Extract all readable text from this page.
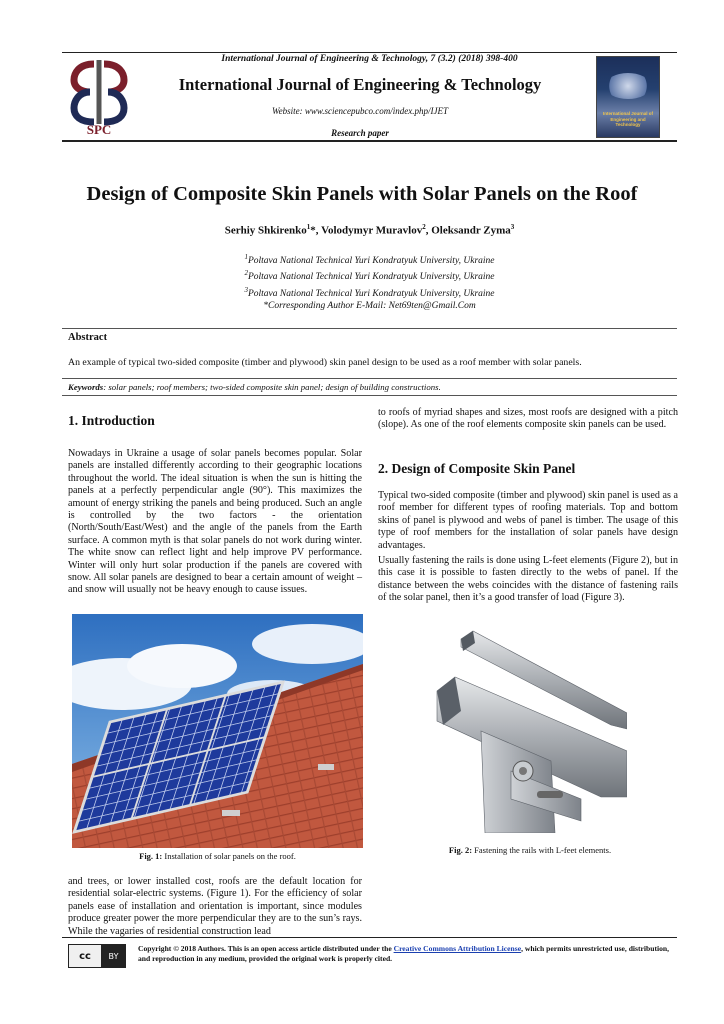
International Journal of Engineering & Technology, 7 (3.2) (2018) 398-400
SPC
International Journal of Engineering & Technology
Website: www.sciencepubco.com/index.php/IJET
Research paper
International Journal of Engineering and Technology
Design of Composite Skin Panels with Solar Panels on the Roof
Serhiy Shkirenko$^1$*, Volodymyr Muravlov$^2$, Oleksandr Zyma$^3$
$^1$Poltava National Technical Yuri Kondratyuk University, Ukraine
$^2$Poltava National Technical Yuri Kondratyuk University, Ukraine
$^3$Poltava National Technical Yuri Kondratyuk University, Ukraine
*Corresponding Author E-Mail: Net69ten@Gmail.Com
Abstract
An example of typical two-sided composite (timber and plywood) skin panel design to be used as a roof member with solar panels.
Keywords: solar panels; roof members; two-sided composite skin panel; design of building constructions.
1. Introduction
Nowadays in Ukraine a usage of solar panels becomes popular. Solar panels are installed differently according to their geographic locations throughout the world. The ideal situation is when the sun is hitting the panels at a perfectly perpendicular angle (90°). This maximizes the amount of energy striking the panels and being produced. Such an angle is controlled by the two factors - the orientation (North/South/East/West) and the angle of the panels from the Earth surface. A common myth is that solar panels do not work during winter. The white snow can reflect light and help improve PV performance. Winter will only hurt solar production if the panels are covered with snow. All solar panels are designed to bear a certain amount of weight – and snow will usually not be heavy enough to cause issues.
Fig. 1: Installation of solar panels on the roof.
and trees, or lower installed cost, roofs are the default location for residential solar-electric systems. (Figure 1). For the efficiency of solar panels ease of installation and orientation is important, since modules produce greater power the more perpendicular they are to the sun’s rays. While the vagaries of residential construction lead
to roofs of myriad shapes and sizes, most roofs are designed with a pitch (slope). As one of the roof elements composite skin panels can be used.
2. Design of Composite Skin Panel
Typical two-sided composite (timber and plywood) skin panel is used as a roof member for different types of roofing materials. Top and bottom skins of panel is plywood and webs of panel is timber. The usage of this type of roof members for the installation of solar panels have design advantages.
Usually fastening the rails is done using L-feet elements (Figure 2), but in this case it is possible to fasten directly to the webs of panel. If the distance between the webs coincides with the distance of fastening rails of the solar panel, then it’s a good transfer of load (Figure 3).
Fig. 2: Fastening the rails with L-feet elements.
cc	BY
Copyright © 2018 Authors. This is an open access article distributed under the Creative Commons Attribution License, which permits unrestricted use, distribution, and reproduction in any medium, provided the original work is properly cited.
